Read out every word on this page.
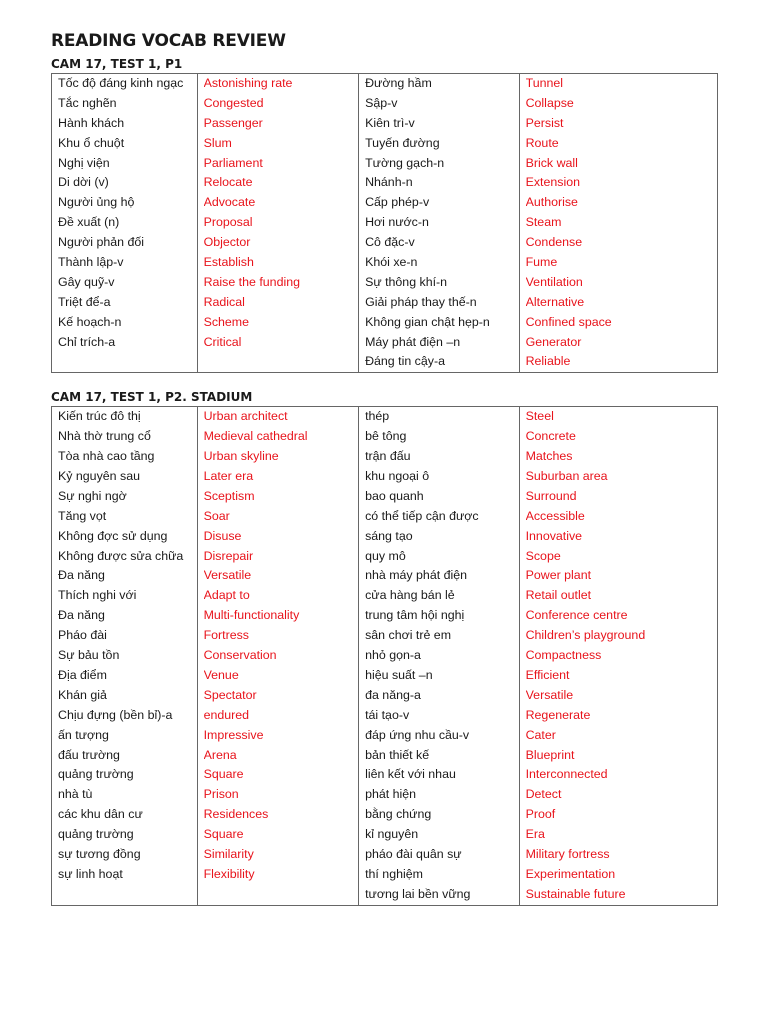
READING VOCAB REVIEW
CAM 17, TEST 1, P1
Tốc độ đáng kinh ngạc
Tắc nghẽn
Hành khách
Khu ổ chuột
Nghị viện
Di dời (v)
Người ủng hộ
Đề xuất (n)
Người phản đối
Thành lập-v
Gây quỹ-v
Triệt để-a
Kế hoạch-n
Chỉ trích-a
Astonishing rate
Congested
Passenger
Slum
Parliament
Relocate
Advocate
Proposal
Objector
Establish
Raise the funding
Radical
Scheme
Critical
Đường hầm
Sập-v
Kiên trì-v
Tuyến đường
Tường gạch-n
Nhánh-n
Cấp phép-v
Hơi nước-n
Cô đặc-v
Khói xe-n
Sự thông khí-n
Giải pháp thay thế-n
Không gian chật hẹp-n
Máy phát điện –n
Đáng tin cậy-a
Tunnel
Collapse
Persist
Route
Brick wall
Extension
Authorise
Steam
Condense
Fume
Ventilation
Alternative
Confined space
Generator
Reliable
CAM 17, TEST 1, P2. STADIUM
Kiến trúc đô thị
Nhà thờ trung cổ
Tòa nhà cao tầng
Kỷ nguyên sau
Sự nghi ngờ
Tăng vọt
Không đợc sử dụng
Không được sửa chữa
Đa năng
Thích nghi với
Đa năng
Pháo đài
Sự bảu tồn
Địa điểm
Khán giả
Chịu đựng (bền bỉ)-a
ấn tượng
đấu trường
quảng trường
nhà tù
các khu dân cư
quảng trường
sự tương đồng
sự linh hoạt
Urban architect
Medieval cathedral
Urban skyline
Later era
Sceptism
Soar
Disuse
Disrepair
Versatile
Adapt to
Multi-functionality
Fortress
Conservation
Venue
Spectator
endured
Impressive
Arena
Square
Prison
Residences
Square
Similarity
Flexibility
thép
bê tông
trận đấu
khu ngoại ô
bao quanh
có thể tiếp cận được
sáng tạo
quy mô
nhà máy phát điện
cửa hàng bán lẻ
trung tâm hội nghị
sân chơi trẻ em
nhỏ gọn-a
hiệu suất –n
đa năng-a
tái tạo-v
đáp ứng nhu cầu-v
bản thiết kế
liên kết với nhau
phát hiện
bằng chứng
kỉ nguyên
pháo đài quân sự
thí nghiệm
tương lai bền vững
Steel
Concrete
Matches
Suburban area
Surround
Accessible
Innovative
Scope
Power plant
Retail outlet
Conference centre
Children’s playground
Compactness
Efficient
Versatile
Regenerate
Cater
Blueprint
Interconnected
Detect
Proof
Era
Military fortress
Experimentation
Sustainable future
